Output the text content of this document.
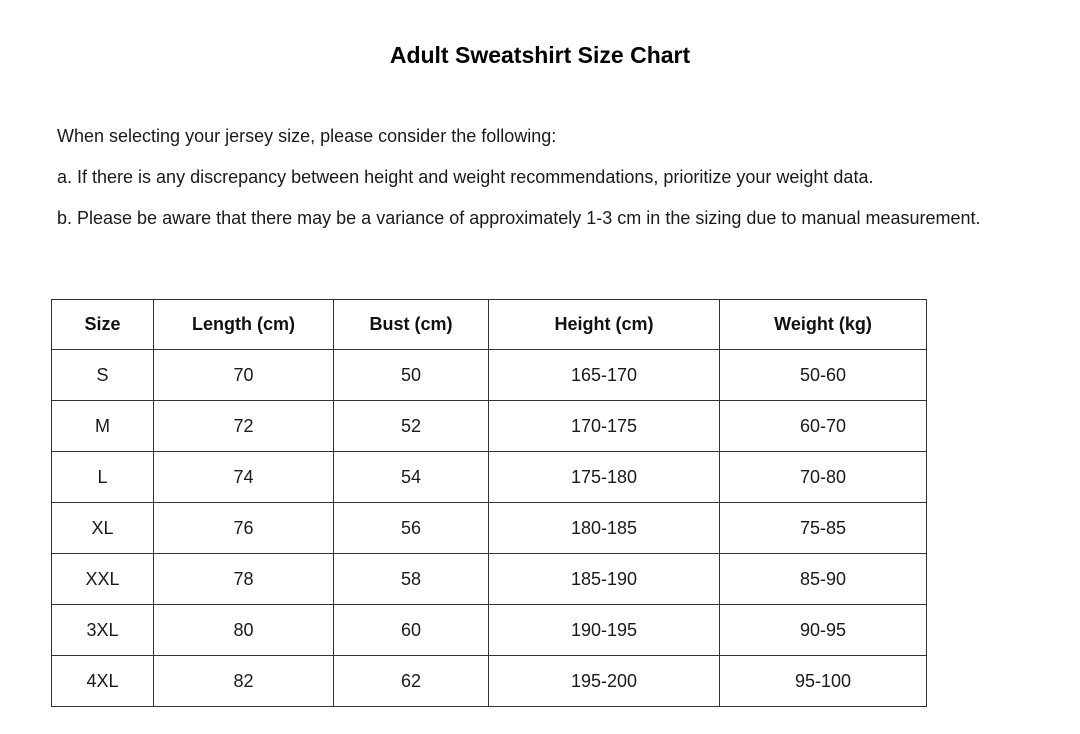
Adult Sweatshirt Size Chart

When selecting your jersey size, please consider the following:

a. If there is any discrepancy between height and weight recommendations, prioritize your weight data.

b. Please be aware that there may be a variance of approximately 1-3 cm in the sizing due to manual measurement.

Size	Length (cm)	Bust (cm)	Height (cm)	Weight (kg)
S	70	50	165-170	50-60
M	72	52	170-175	60-70
L	74	54	175-180	70-80
XL	76	56	180-185	75-85
XXL	78	58	185-190	85-90
3XL	80	60	190-195	90-95
4XL	82	62	195-200	95-100
